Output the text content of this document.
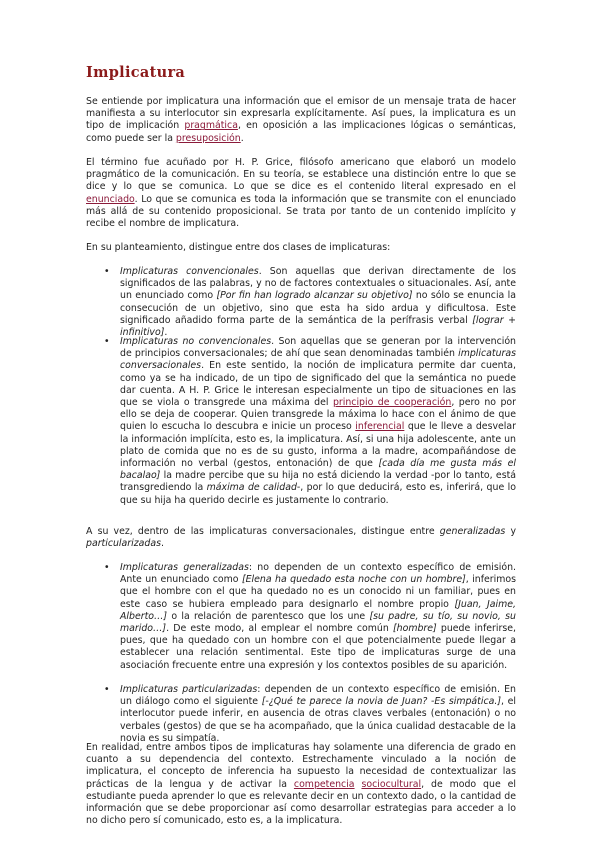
Implicatura

Se entiende por implicatura una información que el emisor de un mensaje trata de hacer manifiesta a su interlocutor sin expresarla explícitamente. Así pues, la implicatura es un tipo de implicación pragmática, en oposición a las implicaciones lógicas o semánticas, como puede ser la presuposición.

El término fue acuñado por H. P. Grice, filósofo americano que elaboró un modelo pragmático de la comunicación. En su teoría, se establece una distinción entre lo que se dice y lo que se comunica. Lo que se dice es el contenido literal expresado en el enunciado. Lo que se comunica es toda la información que se transmite con el enunciado más allá de su contenido proposicional. Se trata por tanto de un contenido implícito y recibe el nombre de implicatura.

En su planteamiento, distingue entre dos clases de implicaturas:

• Implicaturas convencionales. Son aquellas que derivan directamente de los significados de las palabras, y no de factores contextuales o situacionales. Así, ante un enunciado como [Por fin han logrado alcanzar su objetivo] no sólo se enuncia la consecución de un objetivo, sino que esta ha sido ardua y dificultosa. Este significado añadido forma parte de la semántica de la perífrasis verbal [lograr + infinitivo].

• Implicaturas no convencionales. Son aquellas que se generan por la intervención de principios conversacionales; de ahí que sean denominadas también implicaturas conversacionales. En este sentido, la noción de implicatura permite dar cuenta, como ya se ha indicado, de un tipo de significado del que la semántica no puede dar cuenta. A H. P. Grice le interesan especialmente un tipo de situaciones en las que se viola o transgrede una máxima del principio de cooperación, pero no por ello se deja de cooperar. Quien transgrede la máxima lo hace con el ánimo de que quien lo escucha lo descubra e inicie un proceso inferencial que le lleve a desvelar la información implícita, esto es, la implicatura. Así, si una hija adolescente, ante un plato de comida que no es de su gusto, informa a la madre, acompañándose de información no verbal (gestos, entonación) de que [cada día me gusta más el bacalao] la madre percibe que su hija no está diciendo la verdad -por lo tanto, está transgrediendo la máxima de calidad-, por lo que deducirá, esto es, inferirá, que lo que su hija ha querido decirle es justamente lo contrario.

A su vez, dentro de las implicaturas conversacionales, distingue entre generalizadas y particularizadas.

• Implicaturas generalizadas: no dependen de un contexto específico de emisión. Ante un enunciado como [Elena ha quedado esta noche con un hombre], inferimos que el hombre con el que ha quedado no es un conocido ni un familiar, pues en este caso se hubiera empleado para designarlo el nombre propio [Juan, Jaime, Alberto…] o la relación de parentesco que los une [su padre, su tío, su novio, su marido…]. De este modo, al emplear el nombre común [hombre] puede inferirse, pues, que ha quedado con un hombre con el que potencialmente puede llegar a establecer una relación sentimental. Este tipo de implicaturas surge de una asociación frecuente entre una expresión y los contextos posibles de su aparición.

• Implicaturas particularizadas: dependen de un contexto específico de emisión. En un diálogo como el siguiente [-¿Qué te parece la novia de Juan? -Es simpática.], el interlocutor puede inferir, en ausencia de otras claves verbales (entonación) o no verbales (gestos) de que se ha acompañado, que la única cualidad destacable de la novia es su simpatía.

En realidad, entre ambos tipos de implicaturas hay solamente una diferencia de grado en cuanto a su dependencia del contexto. Estrechamente vinculado a la noción de implicatura, el concepto de inferencia ha supuesto la necesidad de contextualizar las prácticas de la lengua y de activar la competencia sociocultural, de modo que el estudiante pueda aprender lo que es relevante decir en un contexto dado, o la cantidad de información que se debe proporcionar así como desarrollar estrategias para acceder a lo no dicho pero sí comunicado, esto es, a la implicatura.
